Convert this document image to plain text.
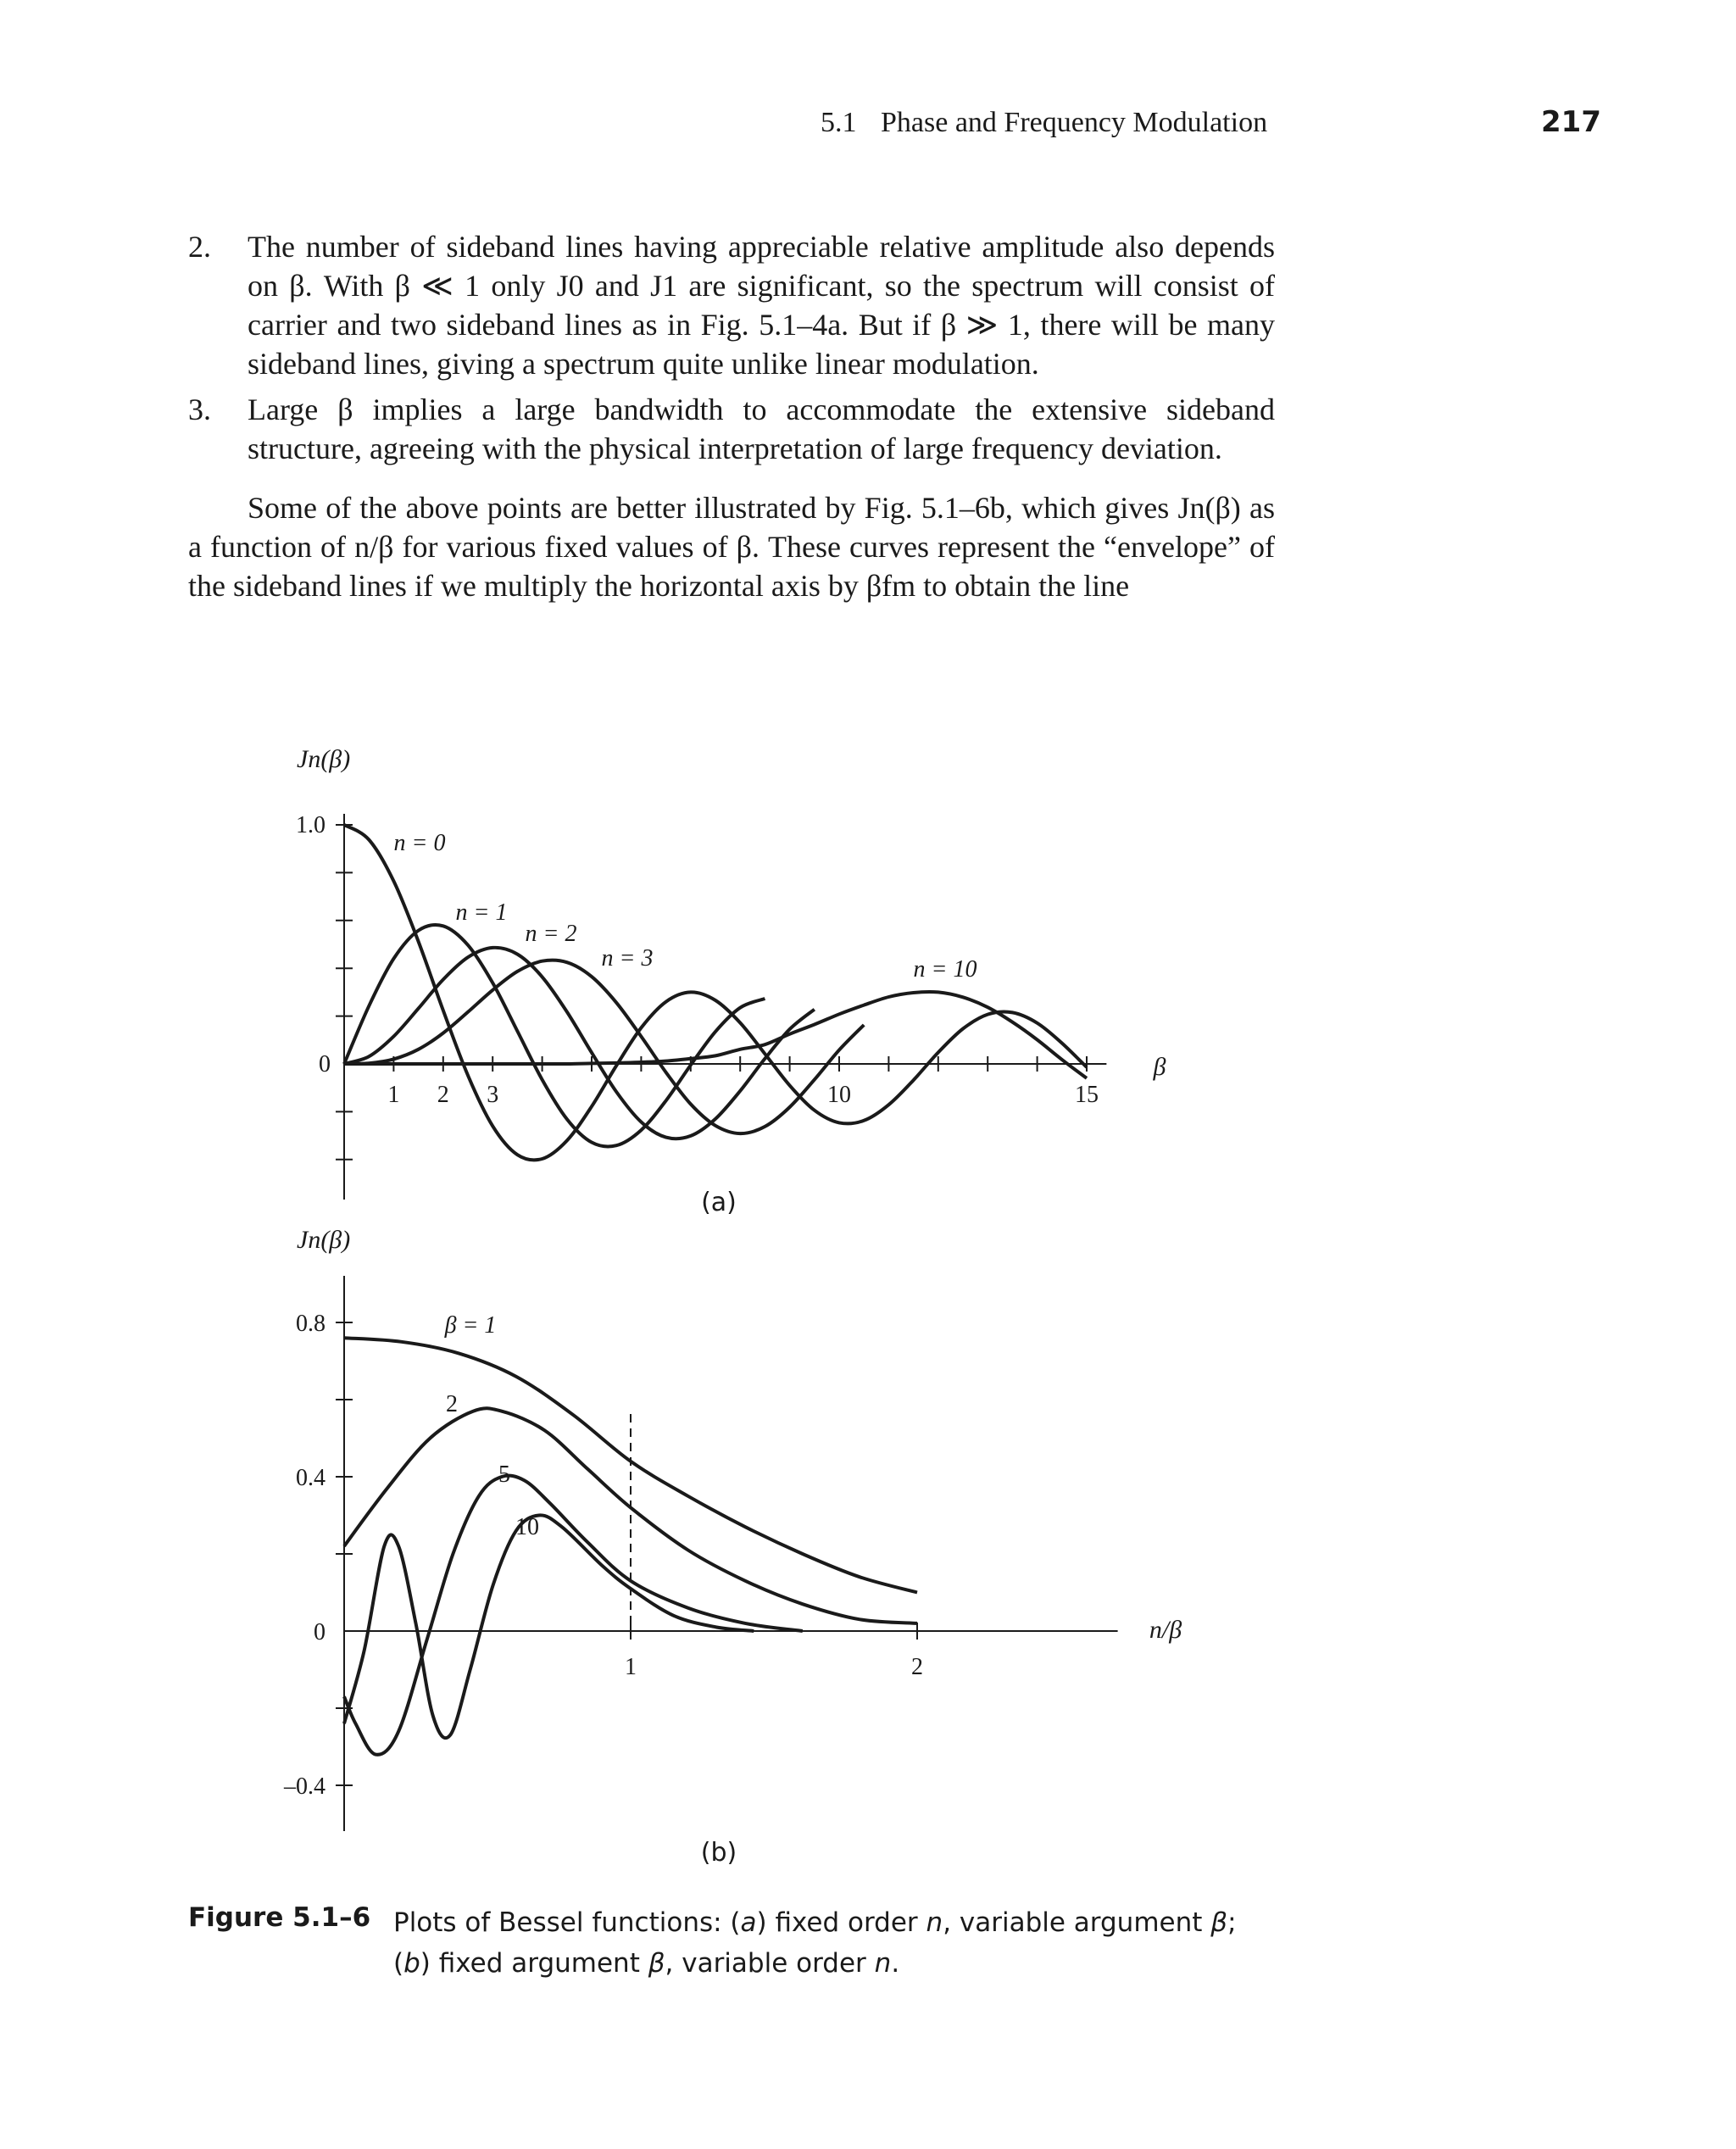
5.1 Phase and Frequency Modulation	217
2. The number of sideband lines having appreciable relative amplitude also depends on β. With β ≪ 1 only J0 and J1 are significant, so the spectrum will consist of carrier and two sideband lines as in Fig. 5.1–4a. But if β ≫ 1, there will be many sideband lines, giving a spectrum quite unlike linear modulation.
3. Large β implies a large bandwidth to accommodate the extensive sideband structure, agreeing with the physical interpretation of large frequency deviation.
Some of the above points are better illustrated by Fig. 5.1–6b, which gives Jn(β) as a function of n/β for various fixed values of β. These curves represent the “envelope” of the sideband lines if we multiply the horizontal axis by βfm to obtain the line
Jn(β)
1.0
0
1 2 3	10	15
β
n = 0
n = 1
n = 2
n = 3	n = 10
(a)
Jn(β)
0.8
0.4
0
–0.4
1	2
n/β
β = 1
2
5
10
(b)
Figure 5.1–6 Plots of Bessel functions: (a) fixed order n, variable argument β; (b) fixed argument β, variable order n.
